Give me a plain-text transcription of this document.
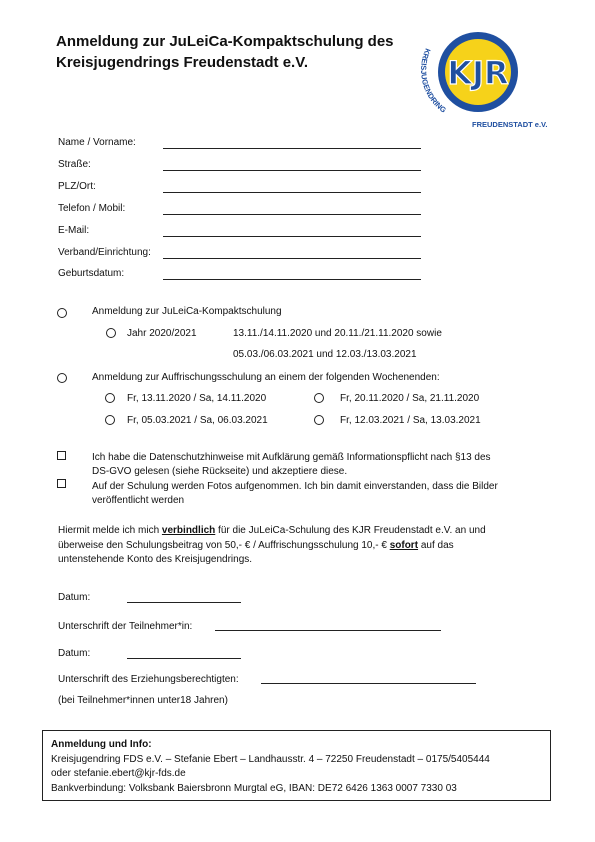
Anmeldung zur JuLeiCa-Kompaktschulung des
Kreisjugendrings Freudenstadt e.V.	KJR
KREISJUGENDRING
FREUDENSTADT e.V.
Name / Vorname:
Straße:
PLZ/Ort:
Telefon / Mobil:
E-Mail:
Verband/Einrichtung:
Geburtsdatum:
Anmeldung zur JuLeiCa-Kompaktschulung
Jahr 2020/2021	13.11./14.11.2020 und 20.11./21.11.2020 sowie
05.03./06.03.2021 und 12.03./13.03.2021
Anmeldung zur Auffrischungsschulung an einem der folgenden Wochenenden:
Fr, 13.11.2020 / Sa, 14.11.2020	Fr, 20.11.2020 / Sa, 21.11.2020
Fr, 05.03.2021 / Sa, 06.03.2021	Fr, 12.03.2021 / Sa, 13.03.2021
Ich habe die Datenschutzhinweise mit Aufklärung gemäß Informationspflicht nach §13 des
DS-GVO gelesen (siehe Rückseite) und akzeptiere diese.
Auf der Schulung werden Fotos aufgenommen. Ich bin damit einverstanden, dass die Bilder
veröffentlicht werden
Hiermit melde ich mich verbindlich für die JuLeiCa-Schulung des KJR Freudenstadt e.V. an und
überweise den Schulungsbeitrag von 50,- € / Auffrischungsschulung 10,- € sofort auf das
untenstehende Konto des Kreisjugendrings.
Datum:
Unterschrift der Teilnehmer*in:
Datum:
Unterschrift des Erziehungsberechtigten:
(bei Teilnehmer*innen unter18 Jahren)
Anmeldung und Info:
Kreisjugendring FDS e.V. – Stefanie Ebert – Landhausstr. 4 – 72250 Freudenstadt – 0175/5405444
oder stefanie.ebert@kjr-fds.de
Bankverbindung: Volksbank Baiersbronn Murgtal eG, IBAN: DE72 6426 1363 0007 7330 03
